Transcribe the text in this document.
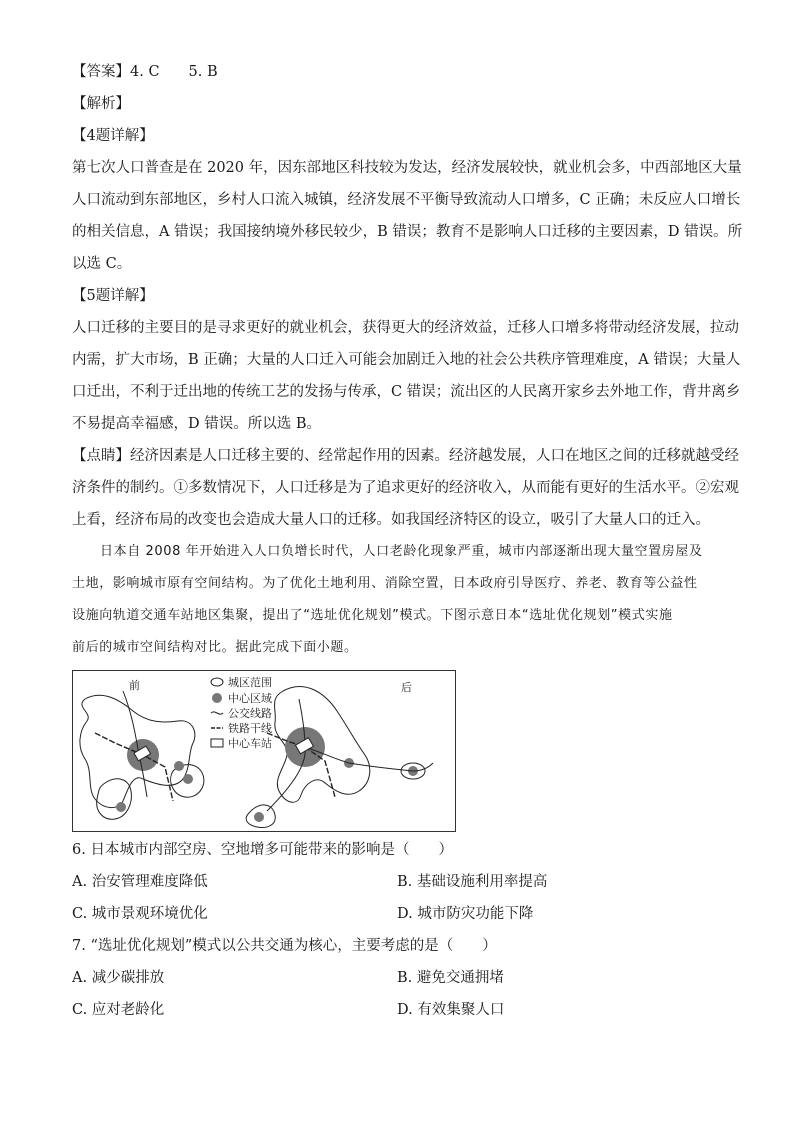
【答案】4. C　　5. B
【解析】
【4题详解】
第七次人口普查是在 2020 年，因东部地区科技较为发达，经济发展较快，就业机会多，中西部地区大量
人口流动到东部地区，乡村人口流入城镇，经济发展不平衡导致流动人口增多，C 正确；未反应人口增长
的相关信息，A 错误；我国接纳境外移民较少，B 错误；教育不是影响人口迁移的主要因素，D 错误。所
以选 C。
【5题详解】
人口迁移的主要目的是寻求更好的就业机会，获得更大的经济效益，迁移人口增多将带动经济发展，拉动
内需，扩大市场，B 正确；大量的人口迁入可能会加剧迁入地的社会公共秩序管理难度，A 错误；大量人
口迁出，不利于迁出地的传统工艺的发扬与传承，C 错误；流出区的人民离开家乡去外地工作，背井离乡
不易提高幸福感，D 错误。所以选 B。
【点睛】经济因素是人口迁移主要的、经常起作用的因素。经济越发展，人口在地区之间的迁移就越受经
济条件的制约。①多数情况下，人口迁移是为了追求更好的经济收入，从而能有更好的生活水平。②宏观
上看，经济布局的改变也会造成大量人口的迁移。如我国经济特区的设立，吸引了大量人口的迁入。
日本自 2008 年开始进入人口负增长时代，人口老龄化现象严重，城市内部逐渐出现大量空置房屋及
土地，影响城市原有空间结构。为了优化土地利用、消除空置，日本政府引导医疗、养老、教育等公益性
设施向轨道交通车站地区集聚，提出了“选址优化规划”模式。下图示意日本“选址优化规划”模式实施
前后的城市空间结构对比。据此完成下面小题。
前	城区范围
中心区域
公交线路
铁路干线
中心车站
后
6. 日本城市内部空房、空地增多可能带来的影响是（　　）
A. 治安管理难度降低	B. 基础设施利用率提高
C. 城市景观环境优化	D. 城市防灾功能下降
7. “选址优化规划”模式以公共交通为核心，主要考虑的是（　　）
A. 减少碳排放	B. 避免交通拥堵
C. 应对老龄化	D. 有效集聚人口
